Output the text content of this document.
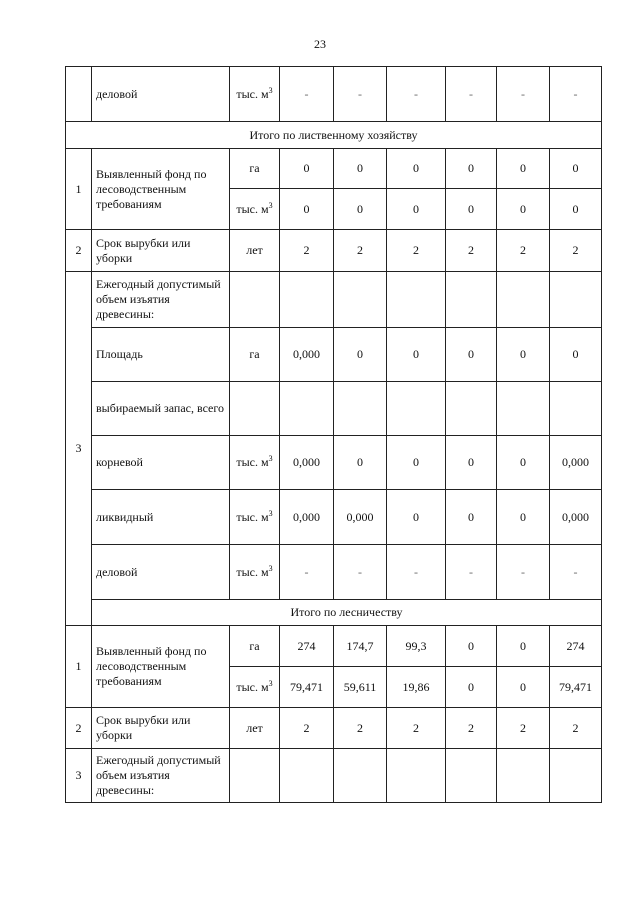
23
	деловой	тыс. $м^3$	-	-	-	-	-	-
Итого по лиственному хозяйству								
1	Выявленный фонд по лесоводственным требованиям	га	0	0	0	0	0	0
		тыс. $м^3$	0	0	0	0	0	0
2	Срок вырубки или уборки	лет	2	2	2	2	2	2
3	Ежегодный допустимый объем изъятия древесины:							
	Площадь	га	0,000	0	0	0	0	0
	выбираемый запас, всего							
	корневой	тыс. $м^3$	0,000	0	0	0	0	0,000
	ликвидный	тыс. $м^3$	0,000	0,000	0	0	0	0,000
	деловой	тыс. $м^3$	-	-	-	-	-	-
	Итого по лесничеству							
1	Выявленный фонд по лесоводственным требованиям	га	274	174,7	99,3	0	0	274
		тыс. $м^3$	79,471	59,611	19,86	0	0	79,471
2	Срок вырубки или уборки	лет	2	2	2	2	2	2
3	Ежегодный допустимый объем изъятия древесины:							
